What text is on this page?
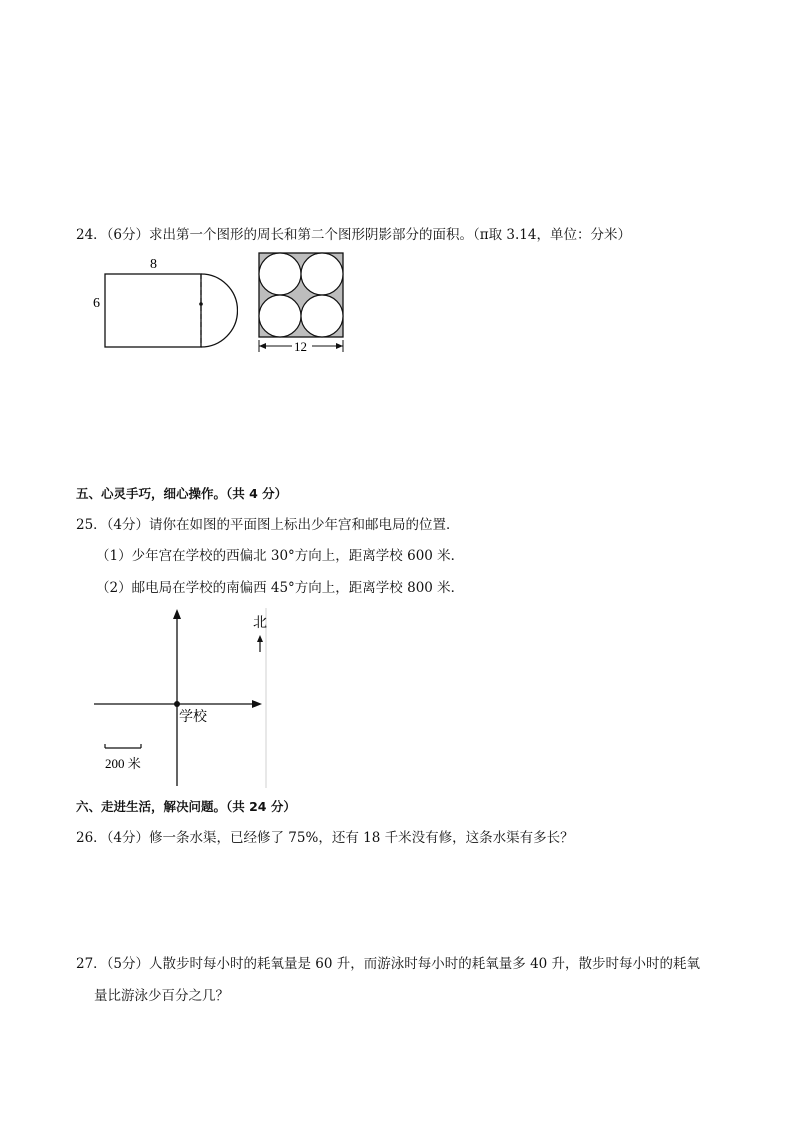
24．（6分）求出第一个图形的周长和第二个图形阴影部分的面积。（π取 3.14，单位：分米）
8
6
12
五、心灵手巧，细心操作。（共 4 分）
25．（4分）请你在如图的平面图上标出少年宫和邮电局的位置．
（1）少年宫在学校的西偏北 30°方向上，距离学校 600 米．
（2）邮电局在学校的南偏西 45°方向上，距离学校 800 米．
北
学校
200 米
六、走进生活，解决问题。（共 24 分）
26．（4分）修一条水渠，已经修了 75%，还有 18 千米没有修，这条水渠有多长？
27．（5分）人散步时每小时的耗氧量是 60 升，而游泳时每小时的耗氧量多 40 升，散步时每小时的耗氧
量比游泳少百分之几？
